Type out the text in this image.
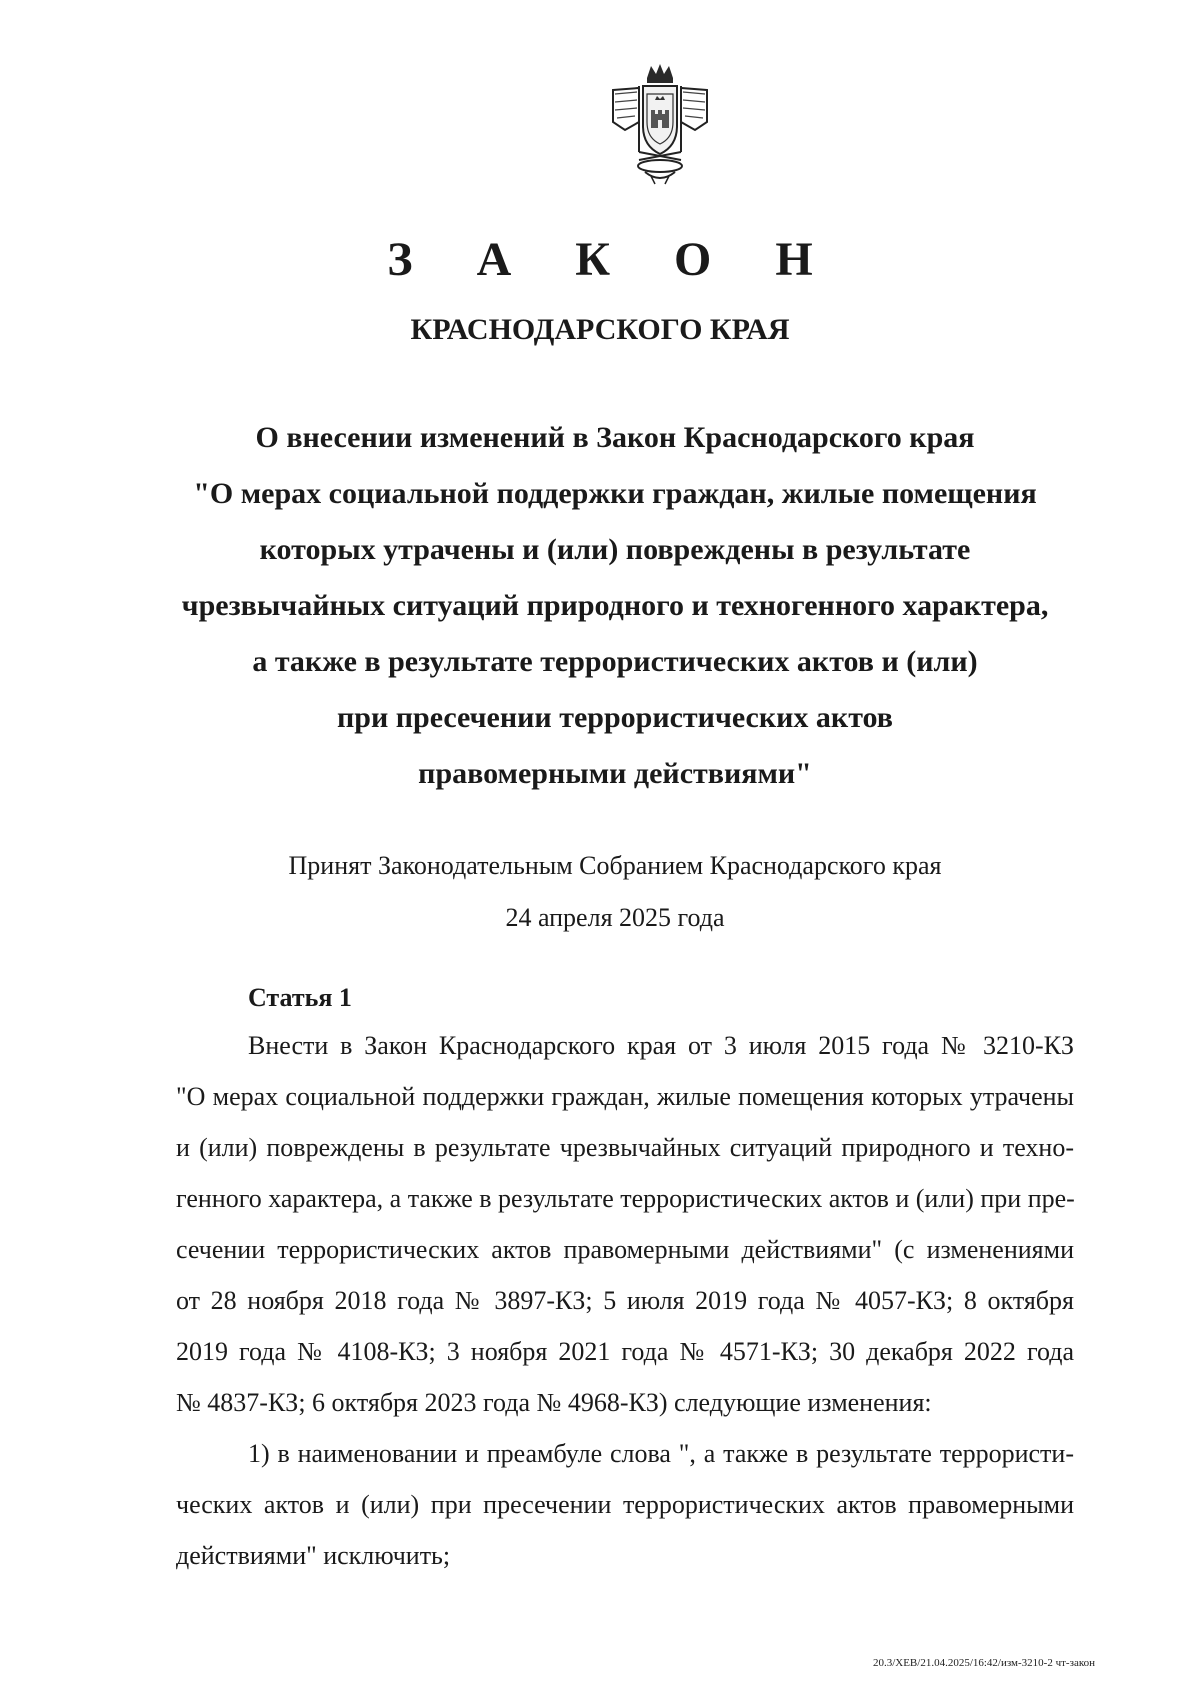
З А К О Н
КРАСНОДАРСКОГО КРАЯ
О внесении изменений в Закон Краснодарского края
"О мерах социальной поддержки граждан, жилые помещения
которых утрачены и (или) повреждены в результате
чрезвычайных ситуаций природного и техногенного характера,
а также в результате террористических актов и (или)
при пресечении террористических актов
правомерными действиями"
Принят Законодательным Собранием Краснодарского края
24 апреля 2025 года
Статья 1
Внести в Закон Краснодарского края от 3 июля 2015 года № 3210-КЗ
"О мерах социальной поддержки граждан, жилые помещения которых утрачены
и (или) повреждены в результате чрезвычайных ситуаций природного и техно-
генного характера, а также в результате террористических актов и (или) при пре-
сечении террористических актов правомерными действиями" (с изменениями
от 28 ноября 2018 года № 3897-КЗ; 5 июля 2019 года № 4057-КЗ; 8 октября
2019 года № 4108-КЗ; 3 ноября 2021 года № 4571-КЗ; 30 декабря 2022 года
№ 4837-КЗ; 6 октября 2023 года № 4968-КЗ) следующие изменения:
1) в наименовании и преамбуле слова ", а также в результате террористи-
ческих актов и (или) при пресечении террористических актов правомерными
действиями" исключить;
20.3/ХЕВ/21.04.2025/16:42/изм-3210-2 чт-закон
